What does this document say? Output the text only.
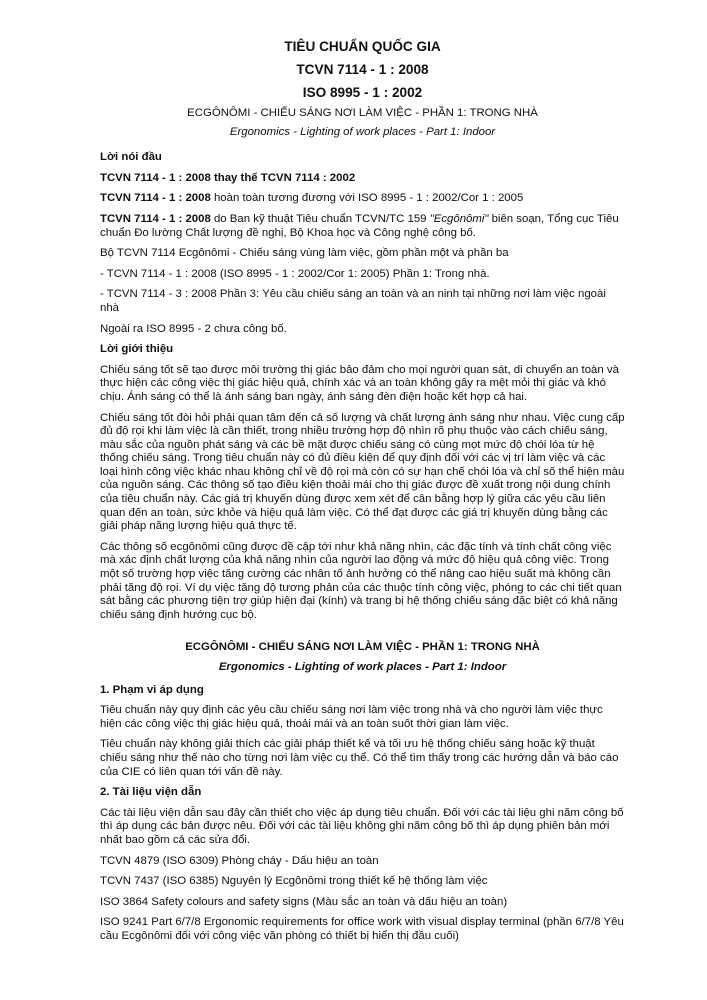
TIÊU CHUẨN QUỐC GIA
TCVN 7114 - 1 : 2008
ISO 8995 - 1 : 2002
ECGÔNÔMI - CHIẾU SÁNG NƠI LÀM VIỆC - PHẦN 1: TRONG NHÀ
Ergonomics - Lighting of work places - Part 1: Indoor
Lời nói đầu

TCVN 7114 - 1 : 2008 thay thế TCVN 7114 : 2002

TCVN 7114 - 1 : 2008 hoàn toàn tương đương với ISO 8995 - 1 : 2002/Cor 1 : 2005

TCVN 7114 - 1 : 2008 do Ban kỹ thuật Tiêu chuẩn TCVN/TC 159 "Ecgônômi" biên soạn, Tổng cục Tiêu chuẩn Đo lường Chất lượng đề nghị, Bộ Khoa học và Công nghệ công bố.

Bộ TCVN 7114 Ecgônômi - Chiếu sáng vùng làm việc, gồm phần một và phần ba

- TCVN 7114 - 1 : 2008 (ISO 8995 - 1 : 2002/Cor 1: 2005) Phần 1: Trong nhà.

- TCVN 7114 - 3 : 2008 Phần 3: Yêu cầu chiếu sáng an toàn và an ninh tại những nơi làm việc ngoài nhà

Ngoài ra ISO 8995 - 2 chưa công bố.

Lời giới thiệu

Chiếu sáng tốt sẽ tạo được môi trường thị giác bảo đảm cho mọi người quan sát, di chuyển an toàn và thực hiện các công việc thị giác hiệu quả, chính xác và an toàn không gây ra mệt mỏi thị giác và khó chịu. Ánh sáng có thể là ánh sáng ban ngày, ánh sáng đèn điện hoặc kết hợp cả hai.

Chiếu sáng tốt đòi hỏi phải quan tâm đến cả số lượng và chất lượng ánh sáng như nhau. Việc cung cấp đủ độ rọi khi làm việc là cần thiết, trong nhiều trường hợp độ nhìn rõ phụ thuộc vào cách chiếu sáng, màu sắc của nguồn phát sáng và các bề mặt được chiếu sáng có cùng mọt mức độ chói lóa từ hệ thống chiếu sáng. Trong tiêu chuẩn này có đủ điều kiện để quy định đối với các vị trí làm việc và các loại hình công việc khác nhau không chỉ về độ rọi mà còn có sự hạn chế chói lóa và chỉ số thể hiện màu của nguồn sáng. Các thông số tạo điều kiện thoải mái cho thị giác được đề xuất trong nội dung chính của tiêu chuẩn này. Các giá trị khuyến dùng được xem xét để cân bằng hợp lý giữa các yêu cầu liên quan đến an toàn, sức khỏe và hiệu quả làm việc. Có thể đạt được các giá trị khuyến dùng bằng các giải pháp năng lượng hiệu quả thực tế.

Các thông số ecgônômi cũng được đề cập tới như khả năng nhìn, các đặc tính và tính chất công việc mà xác định chất lượng của khả năng nhìn của người lao động và mức độ hiệu quả công việc. Trong một số trường hợp việc tăng cường các nhân tố ảnh hưởng có thể nâng cao hiệu suất mà không cần phải tăng độ rọi. Ví dụ việc tăng độ tương phản của các thuộc tính công việc, phóng to các chi tiết quan sát bằng các phương tiện trợ giúp hiện đại (kính) và trang bị hệ thống chiếu sáng đặc biệt có khả năng chiếu sáng định hướng cục bộ.

ECGÔNÔMI - CHIẾU SÁNG NƠI LÀM VIỆC - PHẦN 1: TRONG NHÀ
Ergonomics - Lighting of work places - Part 1: Indoor
1. Phạm vi áp dụng

Tiêu chuẩn này quy định các yêu cầu chiếu sáng nơi làm việc trong nhà và cho người làm việc thực hiện các công việc thị giác hiệu quả, thoải mái và an toàn suốt thời gian làm việc.

Tiêu chuẩn này không giải thích các giải pháp thiết kế và tối ưu hệ thống chiếu sáng hoặc kỹ thuật chiếu sáng như thế nào cho từng nơi làm việc cụ thể. Có thể tìm thấy trong các hướng dẫn và báo cáo của CIE có liên quan tới vấn đề này.

2. Tài liệu viện dẫn

Các tài liệu viện dẫn sau đây cần thiết cho việc áp dụng tiêu chuẩn. Đối với các tài liệu ghi năm công bố thì áp dụng các bản được nêu. Đối với các tài liệu không ghi năm công bố thì áp dụng phiên bản mới nhất bao gồm cả các sửa đổi.

TCVN 4879 (ISO 6309) Phòng cháy - Dấu hiệu an toàn

TCVN 7437 (ISO 6385) Nguyên lý Ecgônômi trong thiết kế hệ thống làm việc

ISO 3864 Safety colours and safety signs (Màu sắc an toàn và dấu hiệu an toàn)

ISO 9241 Part 6/7/8 Ergonomic requirements for office work with visual display terminal (phần 6/7/8 Yêu cầu Ecgônômi đối với công việc văn phòng có thiết bị hiển thị đầu cuối)
